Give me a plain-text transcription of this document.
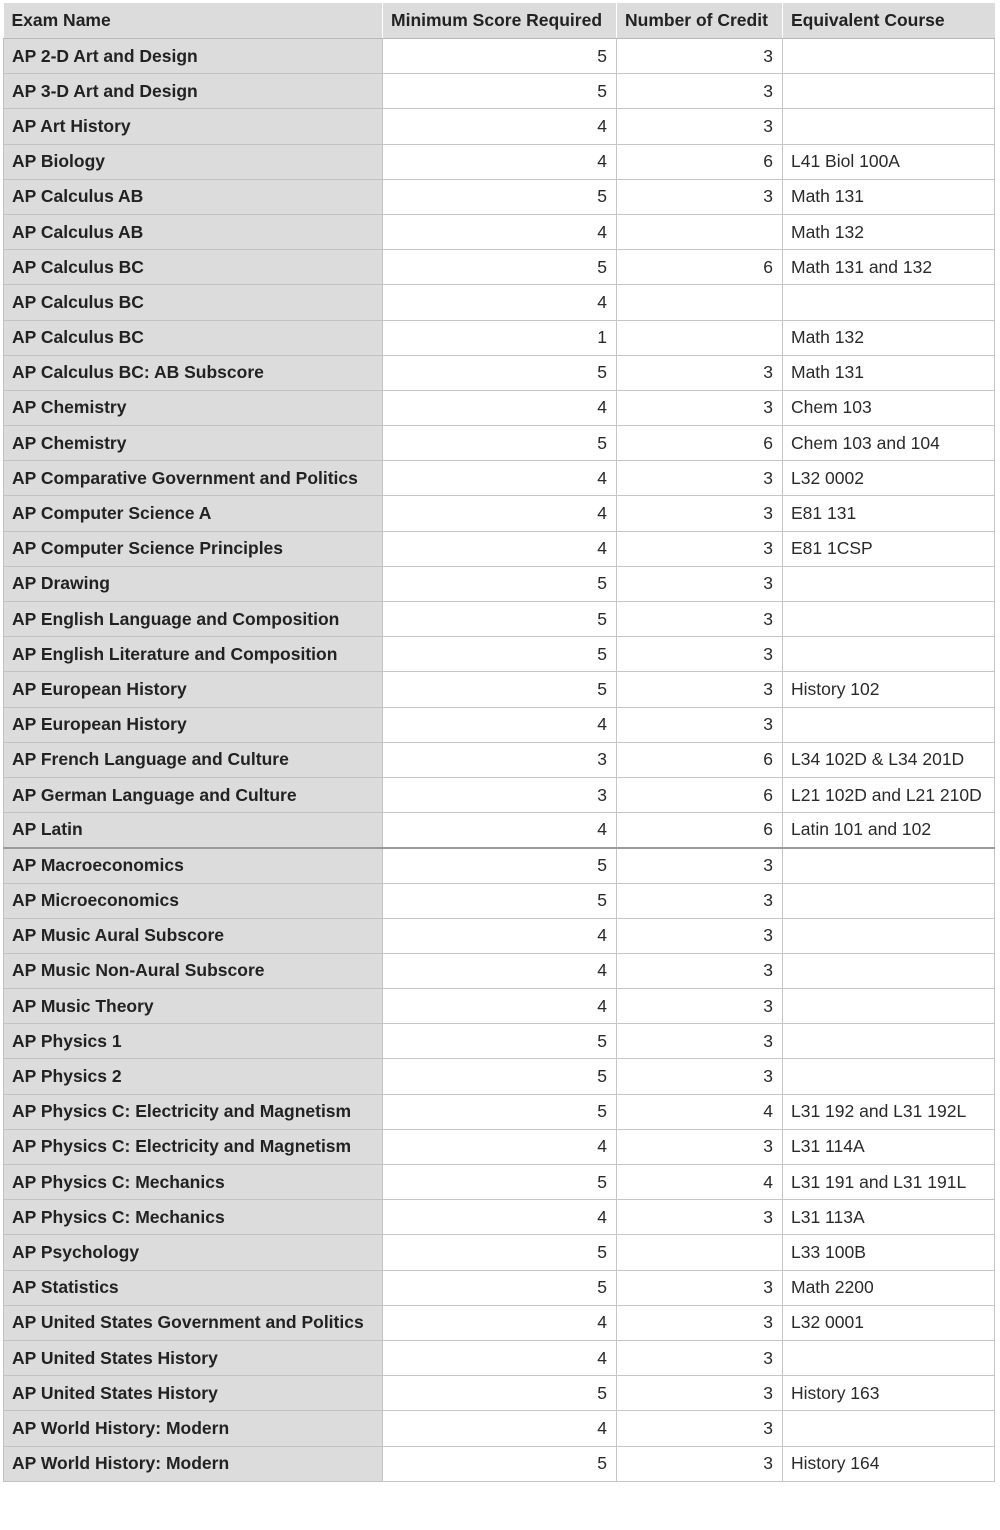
Exam Name	Minimum Score Required	Number of Credit	Equivalent Course
AP 2-D Art and Design	5	3	
AP 3-D Art and Design	5	3	
AP Art History	4	3	
AP Biology	4	6	L41 Biol 100A
AP Calculus AB	5	3	Math 131
AP Calculus AB	4		Math 132
AP Calculus BC	5	6	Math 131 and 132
AP Calculus BC	4		
AP Calculus BC	1		Math 132
AP Calculus BC: AB Subscore	5	3	Math 131
AP Chemistry	4	3	Chem 103
AP Chemistry	5	6	Chem 103 and 104
AP Comparative Government and Politics	4	3	L32 0002
AP Computer Science A	4	3	E81 131
AP Computer Science Principles	4	3	E81 1CSP
AP Drawing	5	3	
AP English Language and Composition	5	3	
AP English Literature and Composition	5	3	
AP European History	5	3	History 102
AP European History	4	3	
AP French Language and Culture	3	6	L34 102D & L34 201D
AP German Language and Culture	3	6	L21 102D and L21 210D
AP Latin	4	6	Latin 101 and 102
AP Macroeconomics	5	3	
AP Microeconomics	5	3	
AP Music Aural Subscore	4	3	
AP Music Non-Aural Subscore	4	3	
AP Music Theory	4	3	
AP Physics 1	5	3	
AP Physics 2	5	3	
AP Physics C: Electricity and Magnetism	5	4	L31 192 and L31 192L
AP Physics C: Electricity and Magnetism	4	3	L31 114A
AP Physics C: Mechanics	5	4	L31 191 and L31 191L
AP Physics C: Mechanics	4	3	L31 113A
AP Psychology	5		L33 100B
AP Statistics	5	3	Math 2200
AP United States Government and Politics	4	3	L32 0001
AP United States History	4	3	
AP United States History	5	3	History 163
AP World History: Modern	4	3	
AP World History: Modern	5	3	History 164
